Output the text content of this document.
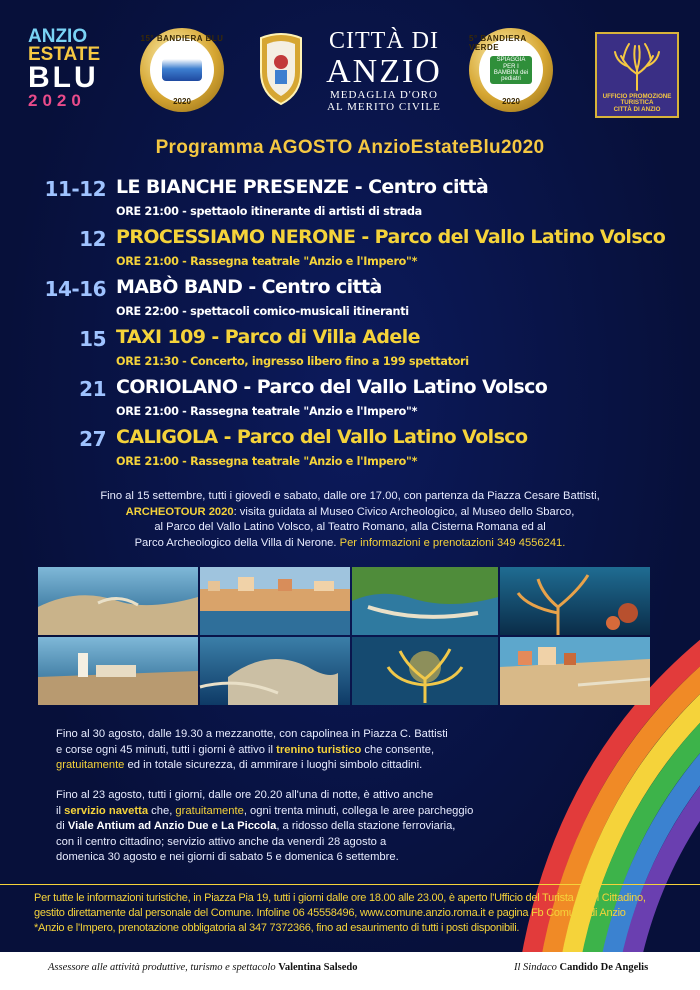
ANZIO
ESTATE
BLU
2020
15° BANDIERA BLU
2020
CITTÀ DI
ANZIO
MEDAGLIA D'ORO
AL MERITO CIVILE
5° BANDIERA VERDE
SPIAGGIA PER I BAMBINI dei pediatri
2020
UFFICIO PROMOZIONE TURISTICA
CITTÀ DI ANZIO
Programma AGOSTO AnzioEstateBlu2020
11-12 LE BIANCHE PRESENZE - Centro città
ORE 21:00 - spettaolo itinerante di artisti di strada
12 PROCESSIAMO NERONE - Parco del Vallo Latino Volsco
ORE 21:00 - Rassegna teatrale "Anzio e l'Impero"*
14-16 MABÒ BAND - Centro città
ORE 22:00 - spettacoli comico-musicali itineranti
15 TAXI 109 - Parco di Villa Adele
ORE 21:30 - Concerto, ingresso libero fino a 199 spettatori
21 CORIOLANO - Parco del Vallo Latino Volsco
ORE 21:00 - Rassegna teatrale "Anzio e l'Impero"*
27 CALIGOLA - Parco del Vallo Latino Volsco
ORE 21:00 - Rassegna teatrale "Anzio e l'Impero"*
Fino al 15 settembre, tutti i giovedì e sabato, dalle ore 17.00, con partenza da Piazza Cesare Battisti,
ARCHEOTOUR 2020: visita guidata al Museo Civico Archeologico, al Museo dello Sbarco,
al Parco del Vallo Latino Volsco, al Teatro Romano, alla Cisterna Romana ed al
Parco Archeologico della Villa di Nerone. Per informazioni e prenotazioni 349 4556241.
Fino al 30 agosto, dalle 19.30 a mezzanotte, con capolinea in Piazza C. Battisti
e corse ogni 45 minuti, tutti i giorni è attivo il trenino turistico che consente,
gratuitamente ed in totale sicurezza, di ammirare i luoghi simbolo cittadini.
Fino al 23 agosto, tutti i giorni, dalle ore 20.20 all'una di notte, è attivo anche
il servizio navetta che, gratuitamente, ogni trenta minuti, collega le aree parcheggio
di Viale Antium ad Anzio Due e La Piccola, a ridosso della stazione ferroviaria,
con il centro cittadino; servizio attivo anche da venerdì 28 agosto a
domenica 30 agosto e nei giorni di sabato 5 e domenica 6 settembre.

Per tutte le informazioni turistiche, in Piazza Pia 19, tutti i giorni dalle ore 18.00 alle 23.00, è aperto l'Ufficio del Turista e del Cittadino,

gestito direttamente dal personale del Comune. Infoline 06 45558496, www.comune.anzio.roma.it e pagina Fb Comune di Anzio

*Anzio e l'Impero, prenotazione obbligatoria al 347 7372366, fino ad esaurimento di tutti i posti disponibili.

Assessore alle attività produttive, turismo e spettacolo Valentina Salsedo	Il Sindaco Candido De Angelis
